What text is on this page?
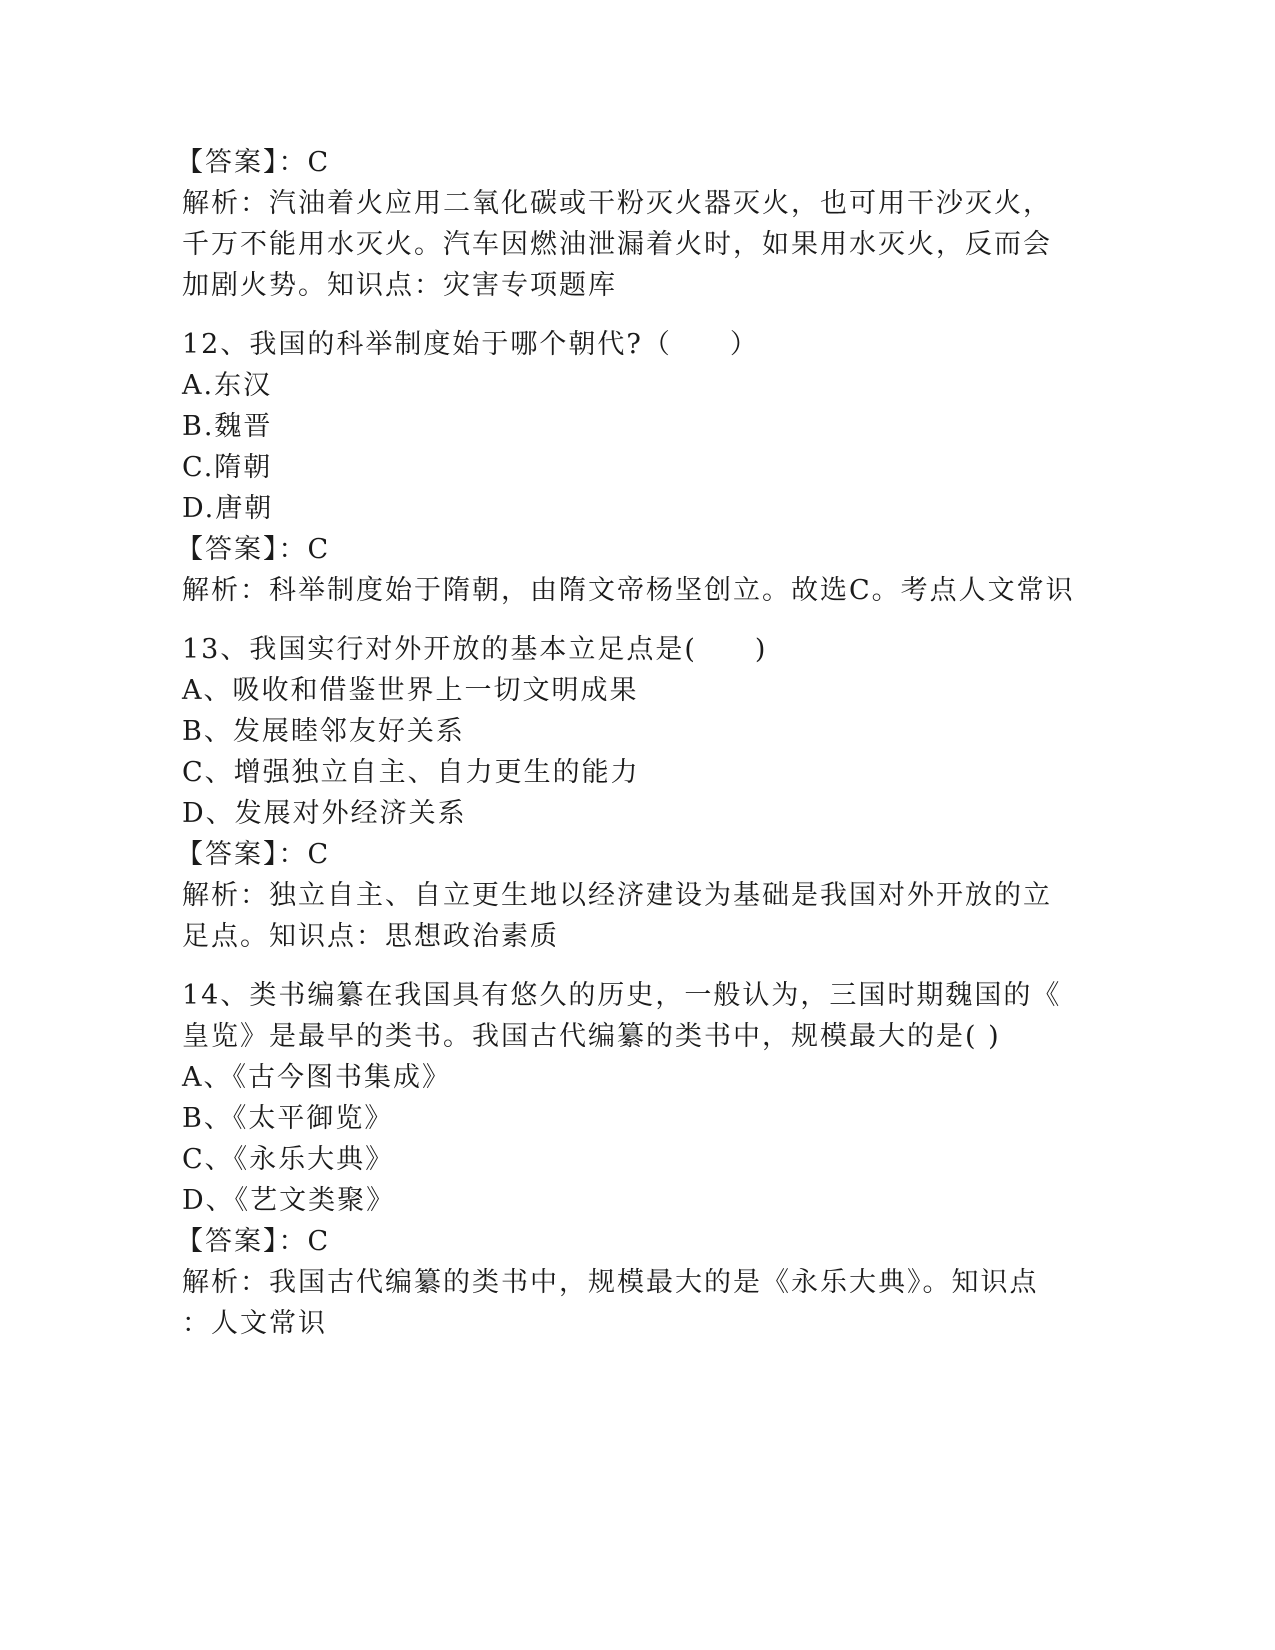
【答案】：C
解析：汽油着火应用二氧化碳或干粉灭火器灭火，也可用干沙灭火，
千万不能用水灭火。汽车因燃油泄漏着火时，如果用水灭火，反而会
加剧火势。知识点：灾害专项题库
12、我国的科举制度始于哪个朝代?（　　）
A.东汉
B.魏晋
C.隋朝
D.唐朝
【答案】：C
解析：科举制度始于隋朝，由隋文帝杨坚创立。故选C。考点人文常识
13、我国实行对外开放的基本立足点是(　　)
A、吸收和借鉴世界上一切文明成果
B、发展睦邻友好关系
C、增强独立自主、自力更生的能力
D、发展对外经济关系
【答案】：C
解析：独立自主、自立更生地以经济建设为基础是我国对外开放的立
足点。知识点：思想政治素质
14、类书编纂在我国具有悠久的历史，一般认为，三国时期魏国的《
皇览》是最早的类书。我国古代编纂的类书中，规模最大的是( )
A、《古今图书集成》
B、《太平御览》
C、《永乐大典》
D、《艺文类聚》
【答案】：C
解析：我国古代编纂的类书中，规模最大的是《永乐大典》。知识点
：人文常识
